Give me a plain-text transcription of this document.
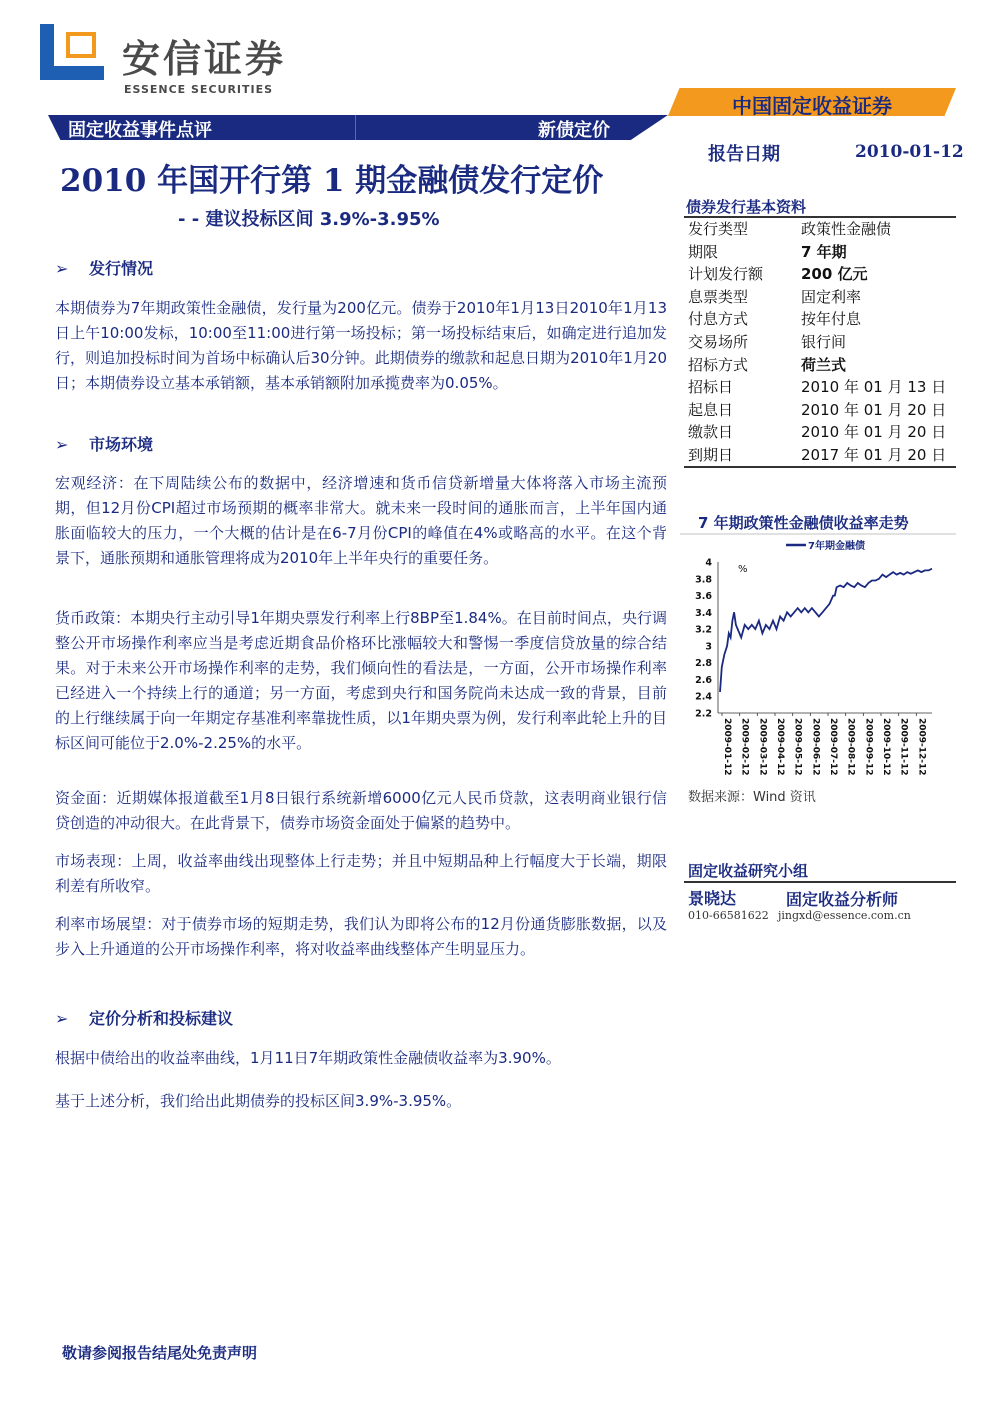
安信证券
ESSENCE SECURITIES
中国固定收益证券
固定收益事件点评	新债定价
报告日期	2010-01-12
2010 年国开行第 1 期金融债发行定价
- - 建议投标区间 3.9%-3.95%
➢ 发行情况
本期债券为7年期政策性金融债，发行量为200亿元。债券于2010年1月13日2010年1月13日上午10:00发标，10:00至11:00进行第一场投标；第一场投标结束后，如确定进行追加发行，则追加投标时间为首场中标确认后30分钟。此期债券的缴款和起息日期为2010年1月20日；本期债券设立基本承销额，基本承销额附加承揽费率为0.05%。
➢ 市场环境
宏观经济：在下周陆续公布的数据中，经济增速和货币信贷新增量大体将落入市场主流预期，但12月份CPI超过市场预期的概率非常大。就未来一段时间的通胀而言，上半年国内通胀面临较大的压力，一个大概的估计是在6-7月份CPI的峰值在4%或略高的水平。在这个背景下，通胀预期和通胀管理将成为2010年上半年央行的重要任务。
货币政策：本期央行主动引导1年期央票发行利率上行8BP至1.84%。在目前时间点，央行调整公开市场操作利率应当是考虑近期食品价格环比涨幅较大和警惕一季度信贷放量的综合结果。对于未来公开市场操作利率的走势，我们倾向性的看法是，一方面，公开市场操作利率已经进入一个持续上行的通道；另一方面，考虑到央行和国务院尚未达成一致的背景，目前的上行继续属于向一年期定存基准利率靠拢性质，以1年期央票为例，发行利率此轮上升的目标区间可能位于2.0%-2.25%的水平。
资金面：近期媒体报道截至1月8日银行系统新增6000亿元人民币贷款，这表明商业银行信贷创造的冲动很大。在此背景下，债券市场资金面处于偏紧的趋势中。
市场表现：上周，收益率曲线出现整体上行走势；并且中短期品种上行幅度大于长端，期限利差有所收窄。
利率市场展望：对于债券市场的短期走势，我们认为即将公布的12月份通货膨胀数据，以及步入上升通道的公开市场操作利率，将对收益率曲线整体产生明显压力。
➢ 定价分析和投标建议
根据中债给出的收益率曲线，1月11日7年期政策性金融债收益率为3.90%。
基于上述分析，我们给出此期债券的投标区间3.9%-3.95%。
债券发行基本资料
发行类型	政策性金融债
期限	7 年期
计划发行额	200 亿元
息票类型	固定利率
付息方式	按年付息
交易场所	银行间
招标方式	荷兰式
招标日	2010 年 01 月 13 日
起息日	2010 年 01 月 20 日
缴款日	2010 年 01 月 20 日
到期日	2017 年 01 月 20 日
7 年期政策性金融债收益率走势
7年期金融债
%
4
3.8
3.6
3.4
3.2
3
2.8
2.6
2.4
2.2
2009-01-12 2009-02-12 2009-03-12 2009-04-12 2009-05-12 2009-06-12 2009-07-12 2009-08-12 2009-09-12 2009-10-12 2009-11-12 2009-12-12
数据来源：Wind 资讯
固定收益研究小组
景晓达	固定收益分析师
010-66581622 jingxd@essence.com.cn
敬请参阅报告结尾处免责声明
